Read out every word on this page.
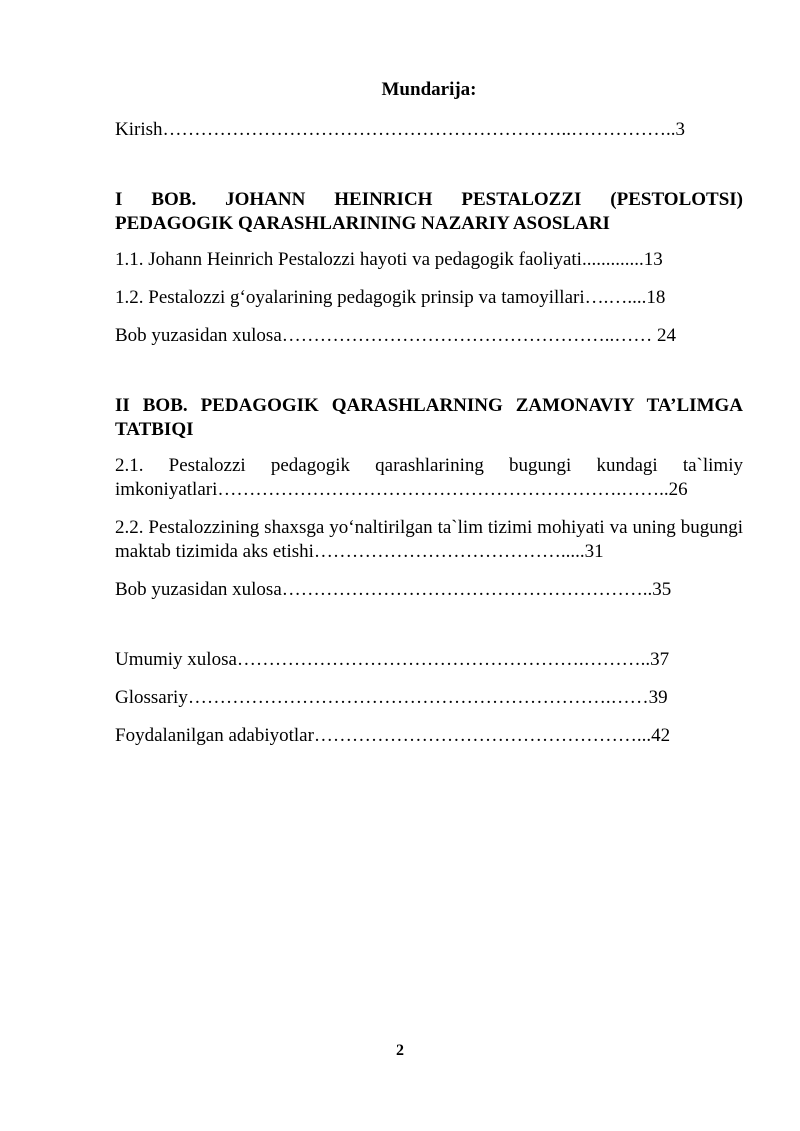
Mundarija:

Kirish………………………………………………………..……………..3

I BOB. JOHANN HEINRICH PESTALOZZI (PESTOLOTSI) PEDAGOGIK QARASHLARINING NAZARIY ASOSLARI

1.1. Johann Heinrich Pestalozzi hayoti va pedagogik faoliyati.............13

1.2. Pestalozzi g‘oyalarining pedagogik prinsip va tamoyillari….…....18

Bob yuzasidan xulosa……………………………………………..…… 24

II BOB. PEDAGOGIK QARASHLARNING ZAMONAVIY TA’LIMGA TATBIQI

2.1. Pestalozzi pedagogik qarashlarining bugungi kundagi ta`limiy imkoniyatlari……………………………………………………….……..26

2.2. Pestalozzining shaxsga yo‘naltirilgan ta`lim tizimi mohiyati va uning bugungi maktab tizimida aks etishi………………………………….....31

Bob yuzasidan xulosa…………………………………………………..35

Umumiy xulosa……………………………………………….………..37

Glossariy………………………………………………………….……39

Foydalanilgan adabiyotlar……………………………………………...42

2
